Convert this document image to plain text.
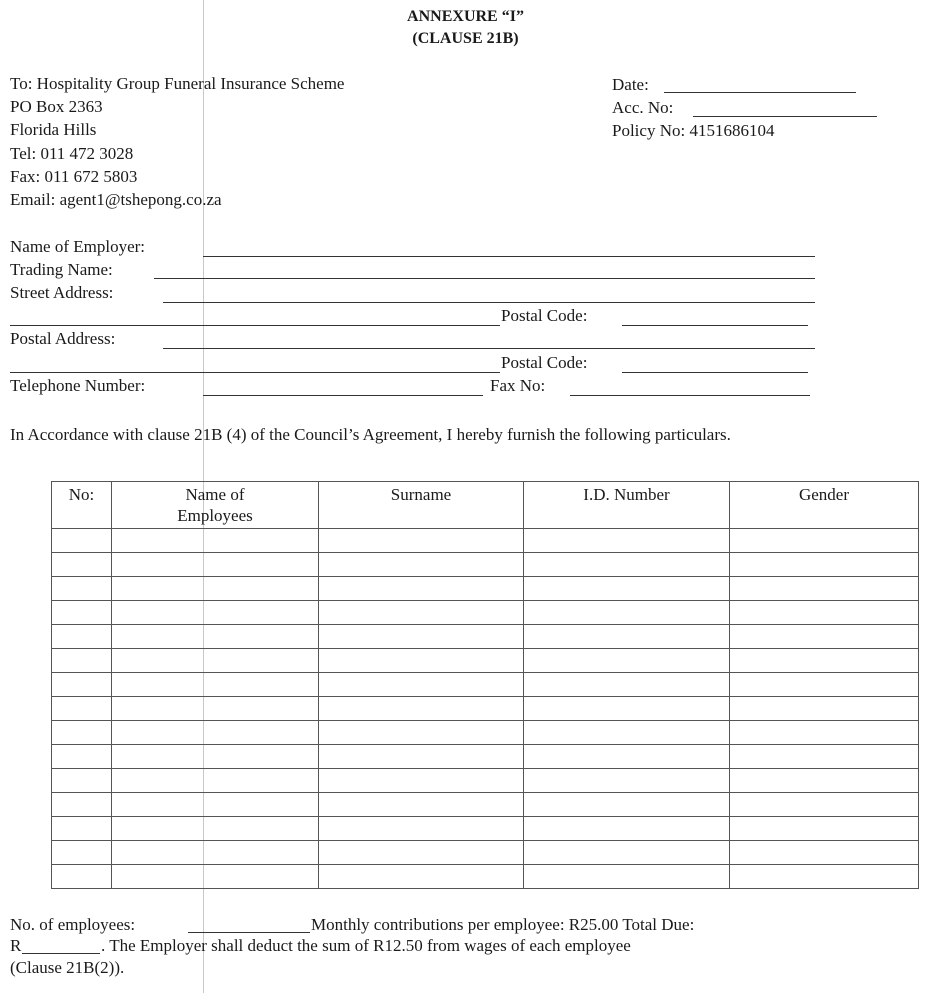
ANNEXURE “I”
(CLAUSE 21B)
To: Hospitality Group Funeral Insurance Scheme
PO Box 2363
Florida Hills
Tel: 011 472 3028
Fax: 011 672 5803
Email: agent1@tshepong.co.za
Date:
Acc. No:
Policy No: 4151686104
Name of Employer:
Trading Name:
Street Address:
Postal Code:
Postal Address:
Postal Code:
Telephone Number:	Fax No:
In Accordance with clause 21B (4) of the Council’s Agreement, I hereby furnish the following particulars.
No:	Name of Employees	Surname	I.D. Number	Gender

No. of employees:	Monthly contributions per employee: R25.00 Total Due:
R	. The Employer shall deduct the sum of R12.50 from wages of each employee
(Clause 21B(2)).
